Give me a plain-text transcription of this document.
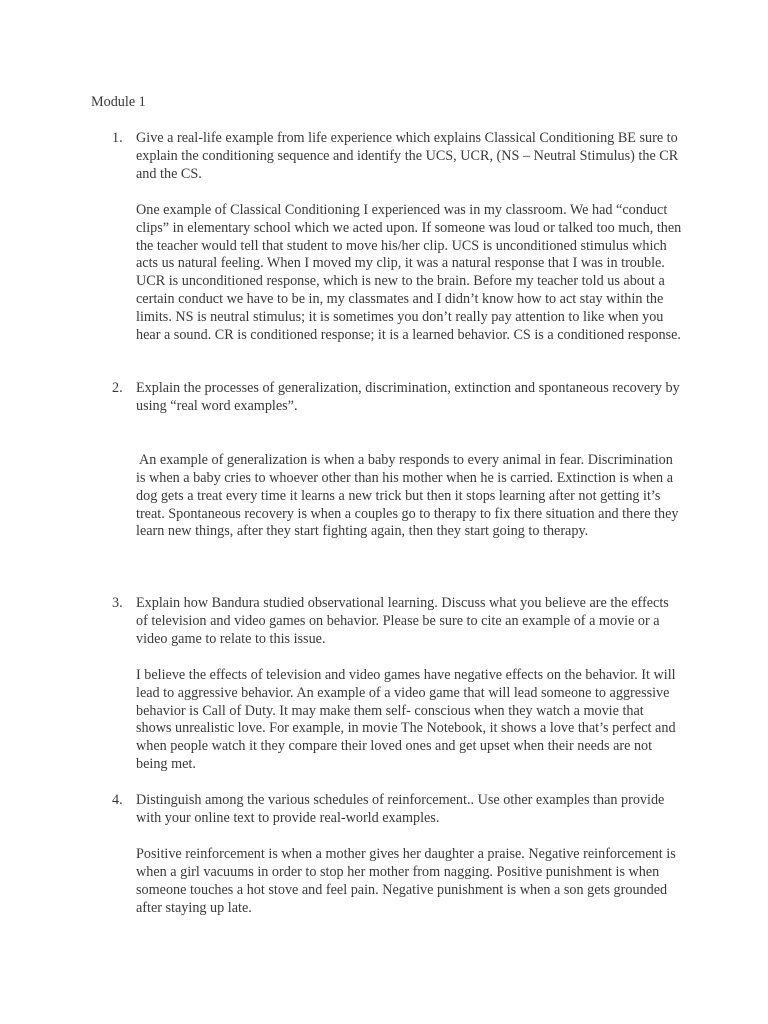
Module 1
1. Give a real-life example from life experience which explains Classical Conditioning BE sure to explain the conditioning sequence and identify the UCS, UCR, (NS – Neutral Stimulus) the CR and the CS.

One example of Classical Conditioning I experienced was in my classroom. We had “conduct clips” in elementary school which we acted upon. If someone was loud or talked too much, then the teacher would tell that student to move his/her clip. UCS is unconditioned stimulus which acts us natural feeling. When I moved my clip, it was a natural response that I was in trouble. UCR is unconditioned response, which is new to the brain. Before my teacher told us about a certain conduct we have to be in, my classmates and I didn’t know how to act stay within the limits. NS is neutral stimulus; it is sometimes you don’t really pay attention to like when you hear a sound. CR is conditioned response; it is a learned behavior. CS is a conditioned response.

2. Explain the processes of generalization, discrimination, extinction and spontaneous recovery by using “real word examples”.

An example of generalization is when a baby responds to every animal in fear. Discrimination is when a baby cries to whoever other than his mother when he is carried. Extinction is when a dog gets a treat every time it learns a new trick but then it stops learning after not getting it’s treat. Spontaneous recovery is when a couples go to therapy to fix there situation and there they learn new things, after they start fighting again, then they start going to therapy.

3. Explain how Bandura studied observational learning. Discuss what you believe are the effects of television and video games on behavior. Please be sure to cite an example of a movie or a video game to relate to this issue.

I believe the effects of television and video games have negative effects on the behavior. It will lead to aggressive behavior. An example of a video game that will lead someone to aggressive behavior is Call of Duty. It may make them self- conscious when they watch a movie that shows unrealistic love. For example, in movie The Notebook, it shows a love that’s perfect and when people watch it they compare their loved ones and get upset when their needs are not being met.

4. Distinguish among the various schedules of reinforcement.. Use other examples than provide with your online text to provide real-world examples.

Positive reinforcement is when a mother gives her daughter a praise. Negative reinforcement is when a girl vacuums in order to stop her mother from nagging. Positive punishment is when someone touches a hot stove and feel pain. Negative punishment is when a son gets grounded after staying up late.
